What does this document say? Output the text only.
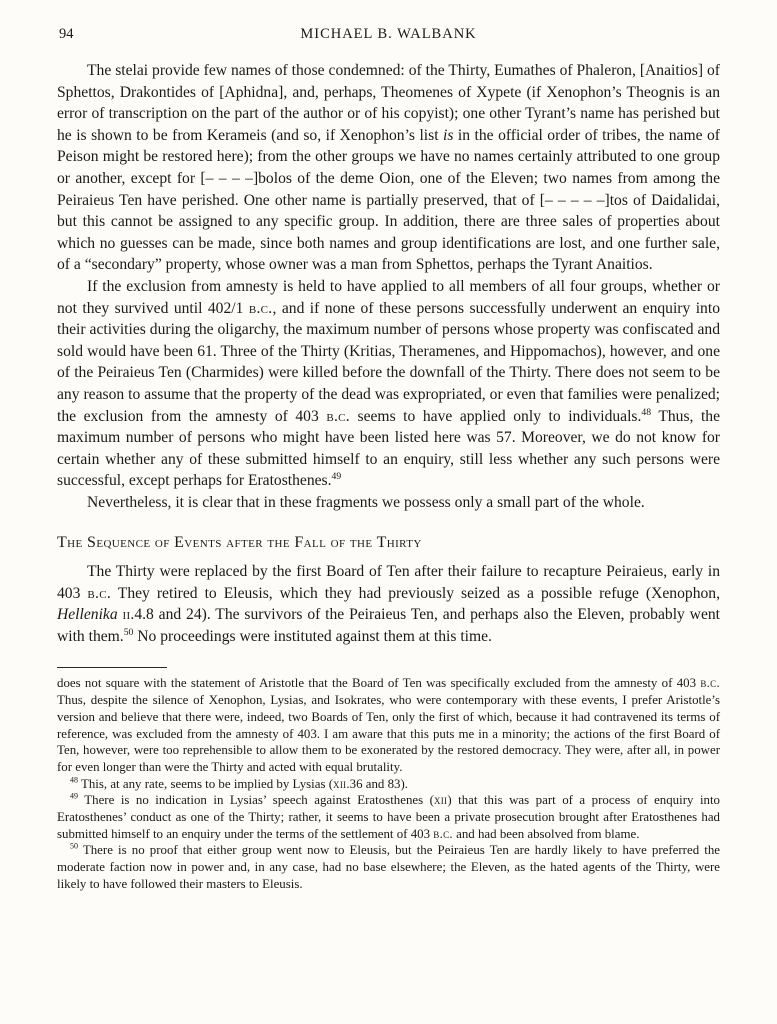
94	MICHAEL B. WALBANK

The stelai provide few names of those condemned: of the Thirty, Eumathes of Phaleron, [Anaitios] of Sphettos, Drakontides of [Aphidna], and, perhaps, Theomenes of Xypete (if Xenophon’s Theognis is an error of transcription on the part of the author or of his copyist); one other Tyrant’s name has perished but he is shown to be from Kerameis (and so, if Xenophon’s list is in the official order of tribes, the name of Peison might be restored here); from the other groups we have no names certainly attributed to one group or another, except for [– – – –]bolos of the deme Oion, one of the Eleven; two names from among the Peiraieus Ten have perished. One other name is partially preserved, that of [– – – – –]tos of Daidalidai, but this cannot be assigned to any specific group. In addition, there are three sales of properties about which no guesses can be made, since both names and group identifications are lost, and one further sale, of a “secondary” property, whose owner was a man from Sphettos, perhaps the Tyrant Anaitios.

If the exclusion from amnesty is held to have applied to all members of all four groups, whether or not they survived until 402/1 b.c., and if none of these persons successfully underwent an enquiry into their activities during the oligarchy, the maximum number of persons whose property was confiscated and sold would have been 61. Three of the Thirty (Kritias, Theramenes, and Hippomachos), however, and one of the Peiraieus Ten (Charmides) were killed before the downfall of the Thirty. There does not seem to be any reason to assume that the property of the dead was expropriated, or even that families were penalized; the exclusion from the amnesty of 403 b.c. seems to have applied only to individuals.$^{48}$ Thus, the maximum number of persons who might have been listed here was 57. Moreover, we do not know for certain whether any of these submitted himself to an enquiry, still less whether any such persons were successful, except perhaps for Eratosthenes.$^{49}$

Nevertheless, it is clear that in these fragments we possess only a small part of the whole.

The Sequence of Events after the Fall of the Thirty

The Thirty were replaced by the first Board of Ten after their failure to recapture Peiraieus, early in 403 b.c. They retired to Eleusis, which they had previously seized as a possible refuge (Xenophon, Hellenika ii.4.8 and 24). The survivors of the Peiraieus Ten, and perhaps also the Eleven, probably went with them.$^{50}$ No proceedings were instituted against them at this time.

does not square with the statement of Aristotle that the Board of Ten was specifically excluded from the amnesty of 403 b.c. Thus, despite the silence of Xenophon, Lysias, and Isokrates, who were contemporary with these events, I prefer Aristotle’s version and believe that there were, indeed, two Boards of Ten, only the first of which, because it had contravened its terms of reference, was excluded from the amnesty of 403. I am aware that this puts me in a minority; the actions of the first Board of Ten, however, were too reprehensible to allow them to be exonerated by the restored democracy. They were, after all, in power for even longer than were the Thirty and acted with equal brutality.

$^{48}$ This, at any rate, seems to be implied by Lysias (xii.36 and 83).

$^{49}$ There is no indication in Lysias’ speech against Eratosthenes (xii) that this was part of a process of enquiry into Eratosthenes’ conduct as one of the Thirty; rather, it seems to have been a private prosecution brought after Eratosthenes had submitted himself to an enquiry under the terms of the settlement of 403 b.c. and had been absolved from blame.

$^{50}$ There is no proof that either group went now to Eleusis, but the Peiraieus Ten are hardly likely to have preferred the moderate faction now in power and, in any case, had no base elsewhere; the Eleven, as the hated agents of the Thirty, were likely to have followed their masters to Eleusis.
